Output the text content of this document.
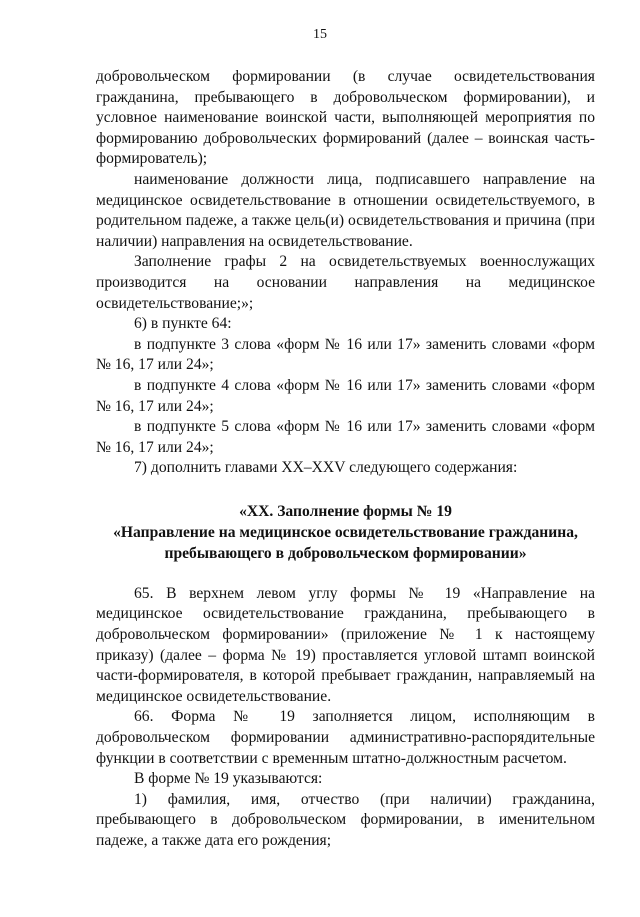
15

добровольческом формировании (в случае освидетельствования гражданина, пребывающего в добровольческом формировании), и условное наименование воинской части, выполняющей мероприятия по формированию добровольческих формирований (далее – воинская часть-формирователь);

наименование должности лица, подписавшего направление на медицинское освидетельствование в отношении освидетельствуемого, в родительном падеже, а также цель(и) освидетельствования и причина (при наличии) направления на освидетельствование.

Заполнение графы 2 на освидетельствуемых военнослужащих производится на основании направления на медицинское освидетельствование;»;

6) в пункте 64:

в подпункте 3 слова «форм № 16 или 17» заменить словами «форм № 16, 17 или 24»;

в подпункте 4 слова «форм № 16 или 17» заменить словами «форм № 16, 17 или 24»;

в подпункте 5 слова «форм № 16 или 17» заменить словами «форм № 16, 17 или 24»;

7) дополнить главами XX–XXV следующего содержания:

«XX. Заполнение формы № 19
«Направление на медицинское освидетельствование гражданина, пребывающего в добровольческом формировании»

65. В верхнем левом углу формы № 19 «Направление на медицинское освидетельствование гражданина, пребывающего в добровольческом формировании» (приложение № 1 к настоящему приказу) (далее – форма № 19) проставляется угловой штамп воинской части-формирователя, в которой пребывает гражданин, направляемый на медицинское освидетельствование.

66. Форма № 19 заполняется лицом, исполняющим в добровольческом формировании административно-распорядительные функции в соответствии с временным штатно-должностным расчетом.

В форме № 19 указываются:

1) фамилия, имя, отчество (при наличии) гражданина, пребывающего в добровольческом формировании, в именительном падеже, а также дата его рождения;
